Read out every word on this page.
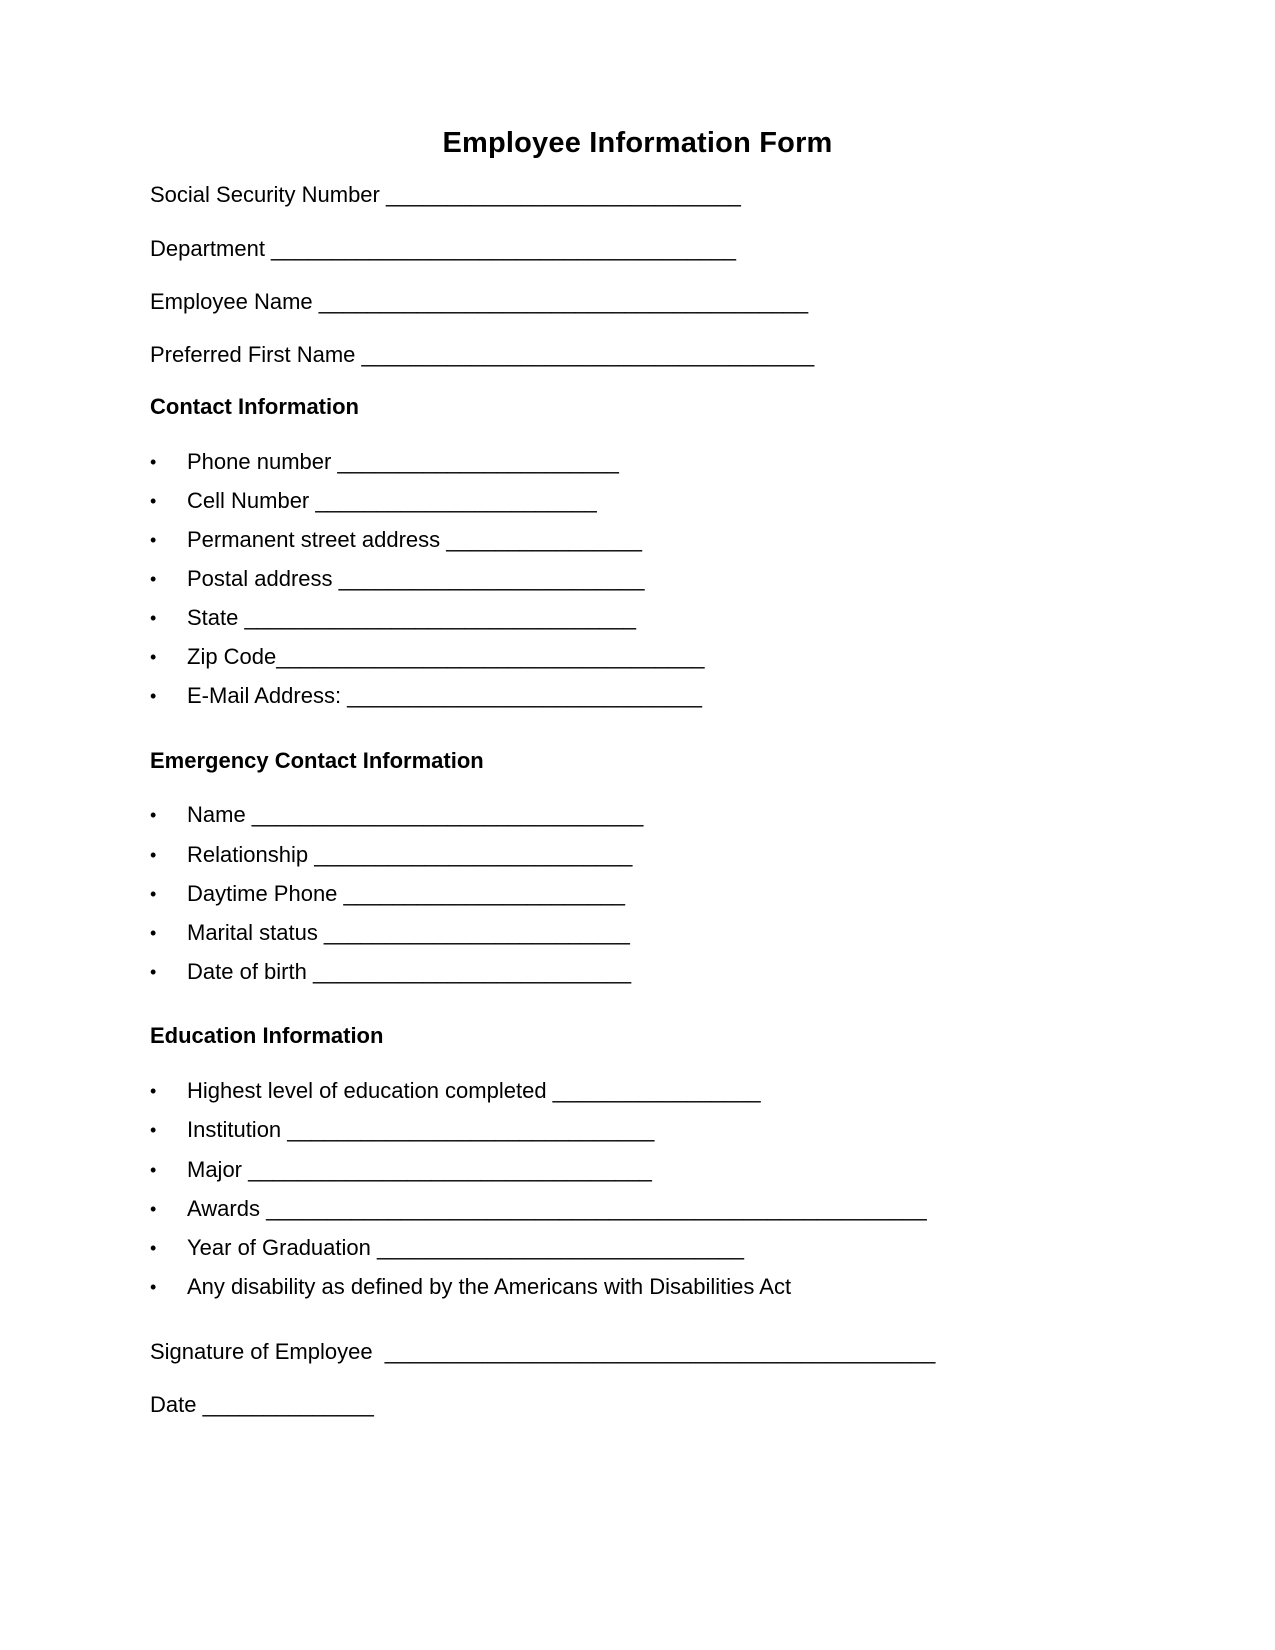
Employee Information Form
Social Security Number _____________________________
Department ______________________________________
Employee Name ________________________________________
Preferred First Name _____________________________________
Contact Information

•

	Phone number _______________________

•

	Cell Number _______________________

•

	Permanent street address ________________

•

	Postal address _________________________

•

	State ________________________________

•

	Zip Code___________________________________

•

	E-Mail Address: _____________________________

Emergency Contact Information

•

	Name ________________________________

•

	Relationship __________________________

•

	Daytime Phone _______________________

•

	Marital status _________________________

•

	Date of birth __________________________

Education Information

•

	Highest level of education completed _________________

•

	Institution ______________________________

•

	Major _________________________________

•

	Awards ______________________________________________________

•

	Year of Graduation ______________________________

•

	Any disability as defined by the Americans with Disabilities Act

Signature of Employee  _____________________________________________
Date ______________
